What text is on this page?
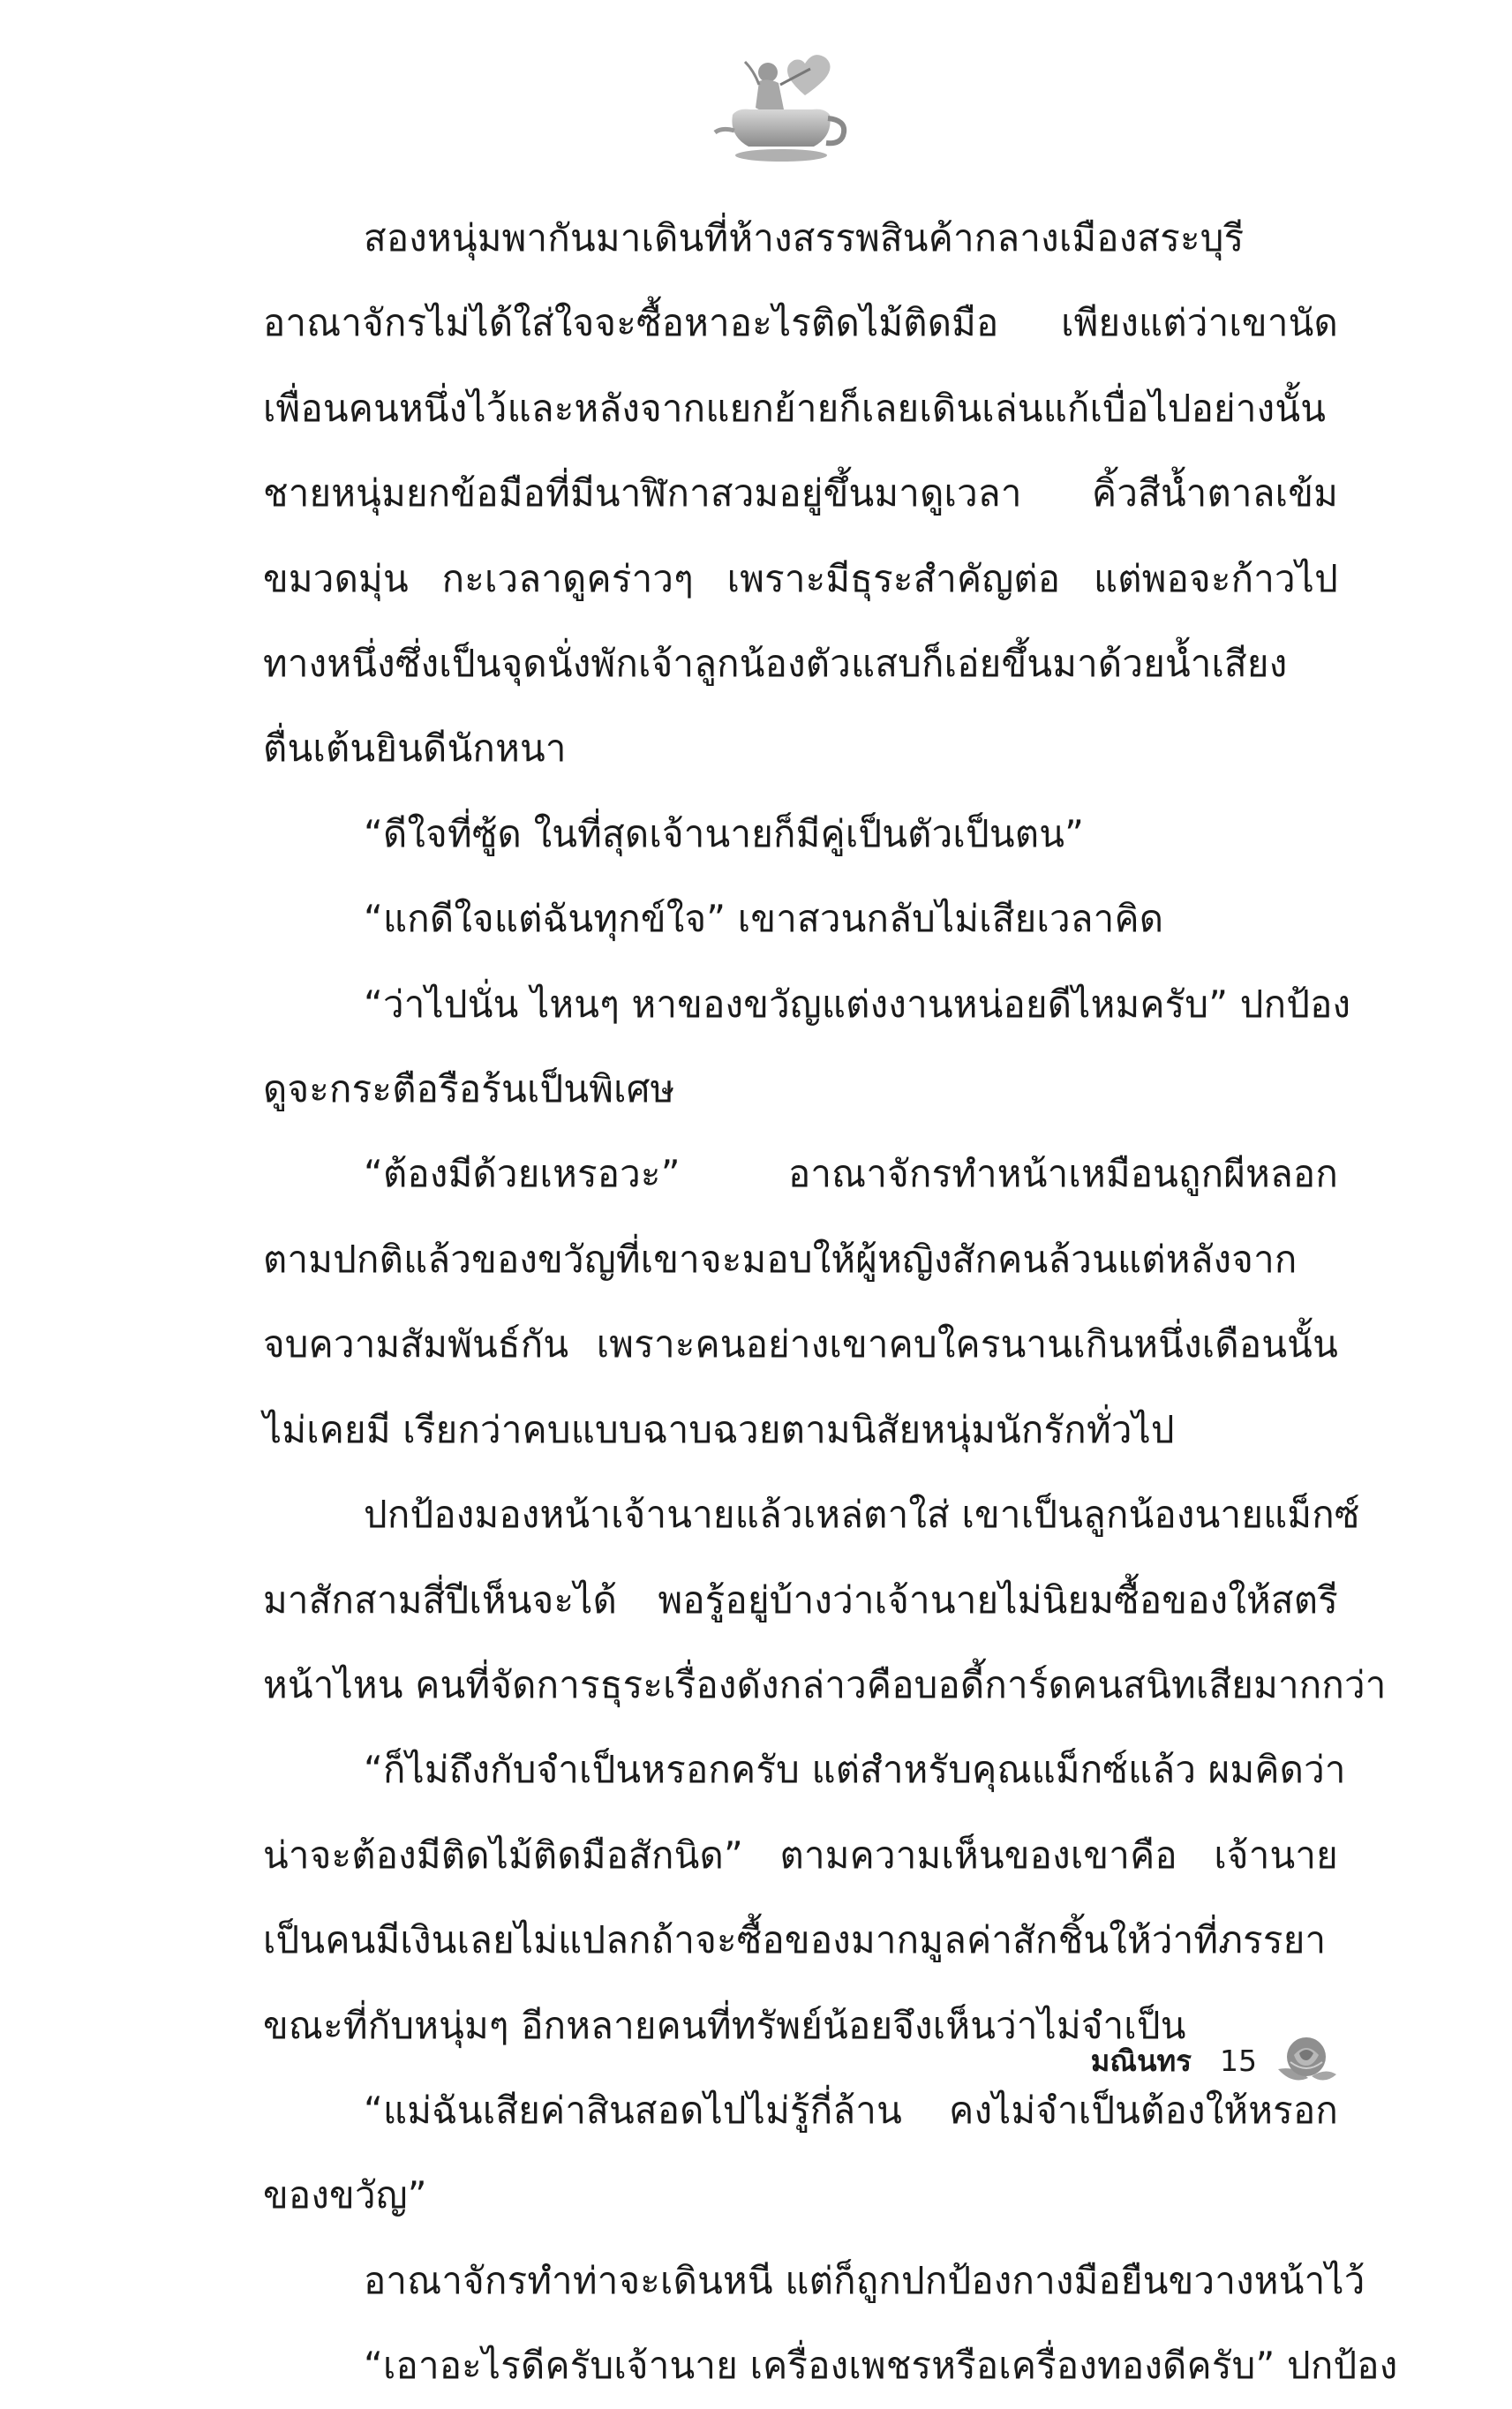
สองหนุ่มพากันมาเดินที่ห้างสรรพสินค้ากลางเมืองสระบุรี
อาณาจักรไม่ได้ใส่ใจจะซื้อหาอะไรติดไม้ติดมือ เพียงแต่ว่าเขานัด
เพื่อนคนหนึ่งไว้และหลังจากแยกย้ายก็เลยเดินเล่นแก้เบื่อไปอย่างนั้น
ชายหนุ่มยกข้อมือที่มีนาฬิกาสวมอยู่ขึ้นมาดูเวลา คิ้วสีน้ำตาลเข้ม
ขมวดมุ่น กะเวลาดูคร่าวๆ เพราะมีธุระสำคัญต่อ แต่พอจะก้าวไป
ทางหนึ่งซึ่งเป็นจุดนั่งพักเจ้าลูกน้องตัวแสบก็เอ่ยขึ้นมาด้วยน้ำเสียง
ตื่นเต้นยินดีนักหนา
“ดีใจที่ซู้ด ในที่สุดเจ้านายก็มีคู่เป็นตัวเป็นตน”
“แกดีใจแต่ฉันทุกข์ใจ” เขาสวนกลับไม่เสียเวลาคิด
“ว่าไปนั่น ไหนๆ หาของขวัญแต่งงานหน่อยดีไหมครับ” ปกป้อง
ดูจะกระตือรือร้นเป็นพิเศษ
“ต้องมีด้วยเหรอวะ” อาณาจักรทำหน้าเหมือนถูกผีหลอก
ตามปกติแล้วของขวัญที่เขาจะมอบให้ผู้หญิงสักคนล้วนแต่หลังจาก
จบความสัมพันธ์กัน เพราะคนอย่างเขาคบใครนานเกินหนึ่งเดือนนั้น
ไม่เคยมี เรียกว่าคบแบบฉาบฉวยตามนิสัยหนุ่มนักรักทั่วไป
ปกป้องมองหน้าเจ้านายแล้วเหล่ตาใส่ เขาเป็นลูกน้องนายแม็กซ์
มาสักสามสี่ปีเห็นจะได้ พอรู้อยู่บ้างว่าเจ้านายไม่นิยมซื้อของให้สตรี
หน้าไหน คนที่จัดการธุระเรื่องดังกล่าวคือบอดี้การ์ดคนสนิทเสียมากกว่า
“ก็ไม่ถึงกับจำเป็นหรอกครับ แต่สำหรับคุณแม็กซ์แล้ว ผมคิดว่า
น่าจะต้องมีติดไม้ติดมือสักนิด” ตามความเห็นของเขาคือ เจ้านาย
เป็นคนมีเงินเลยไม่แปลกถ้าจะซื้อของมากมูลค่าสักชิ้นให้ว่าที่ภรรยา
ขณะที่กับหนุ่มๆ อีกหลายคนที่ทรัพย์น้อยจึงเห็นว่าไม่จำเป็น
“แม่ฉันเสียค่าสินสอดไปไม่รู้กี่ล้าน คงไม่จำเป็นต้องให้หรอก
ของขวัญ”
อาณาจักรทำท่าจะเดินหนี แต่ก็ถูกปกป้องกางมือยืนขวางหน้าไว้
“เอาอะไรดีครับเจ้านาย เครื่องเพชรหรือเครื่องทองดีครับ” ปกป้อง
มณินทร 15
